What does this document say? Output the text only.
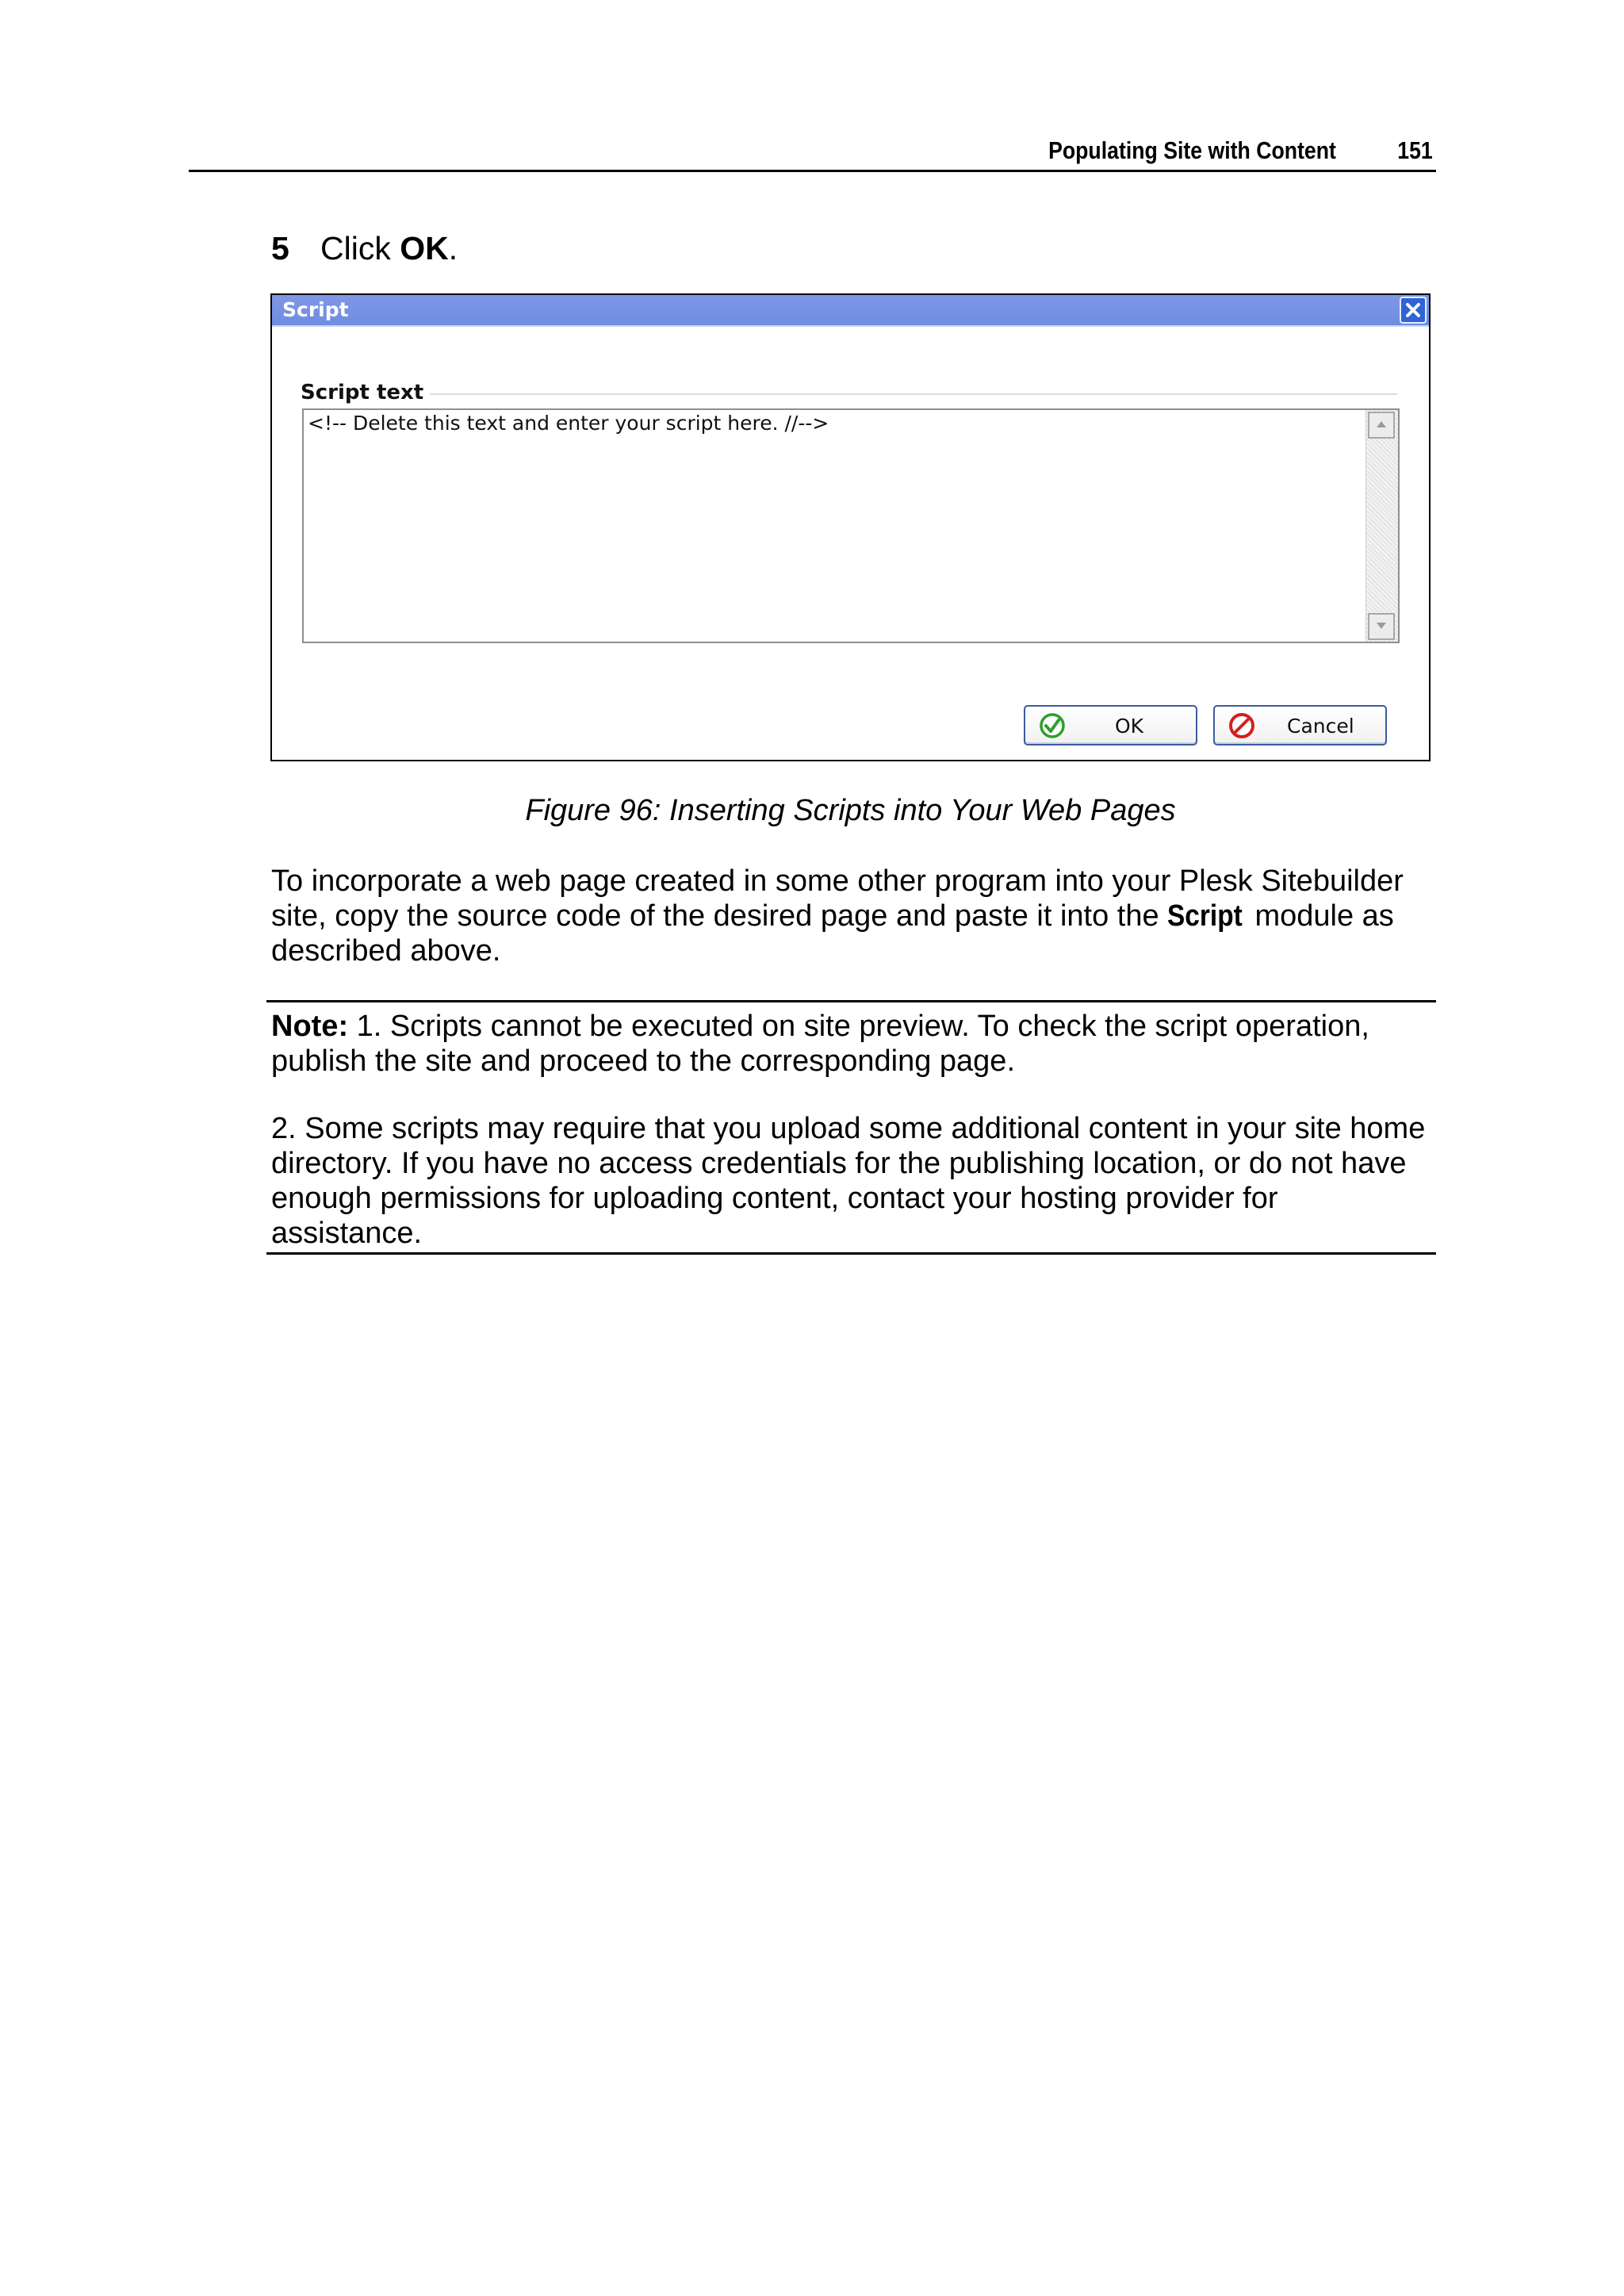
Populating Site with Content	151
5 Click OK.
Script
Script text
<!-- Delete this text and enter your script here. //-->
OK	Cancel
Figure 96: Inserting Scripts into Your Web Pages
To incorporate a web page created in some other program into your Plesk Sitebuilder site, copy the source code of the desired page and paste it into the Script module as described above.

Note: 1. Scripts cannot be executed on site preview. To check the script operation, publish the site and proceed to the corresponding page.

2. Some scripts may require that you upload some additional content in your site home directory. If you have no access credentials for the publishing location, or do not have enough permissions for uploading content, contact your hosting provider for assistance.
